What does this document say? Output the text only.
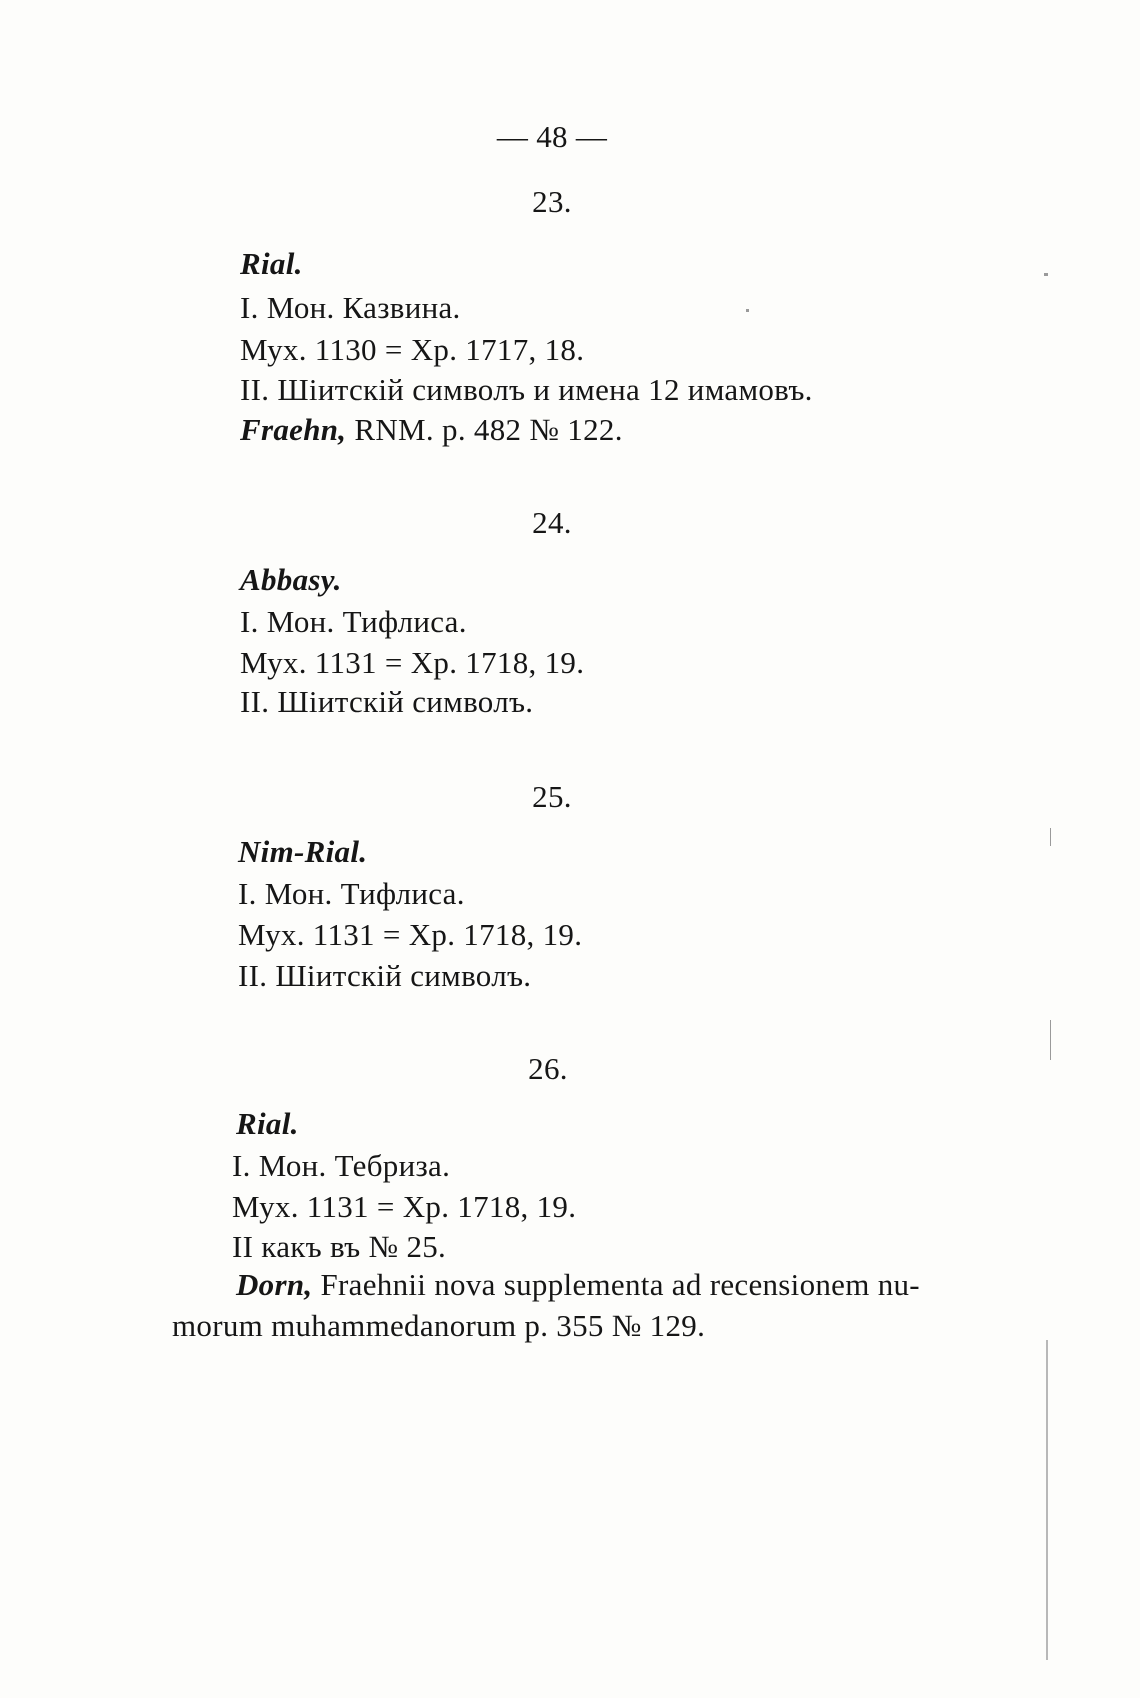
— 48 —
23.
Rial.
I. Мон. Казвина.
Мух. 1130 = Хр. 1717, 18.
II. Шiитскiй символъ и имена 12 имамовъ.
Fraehn, RNM. p. 482 № 122.
24.
Abbasy.
I. Мон. Тифлиса.
Мух. 1131 = Хр. 1718, 19.
II. Шiитскiй символъ.
25.
Nim-Rial.
I. Мон. Тифлиса.
Мух. 1131 = Хр. 1718, 19.
II. Шiитскiй символъ.
26.
Rial.
I. Мон. Тебриза.
Мух. 1131 = Хр. 1718, 19.
II какъ въ № 25.
Dorn, Fraehnii nova supplementa ad recensionem nu-
morum muhammedanorum p. 355 № 129.
